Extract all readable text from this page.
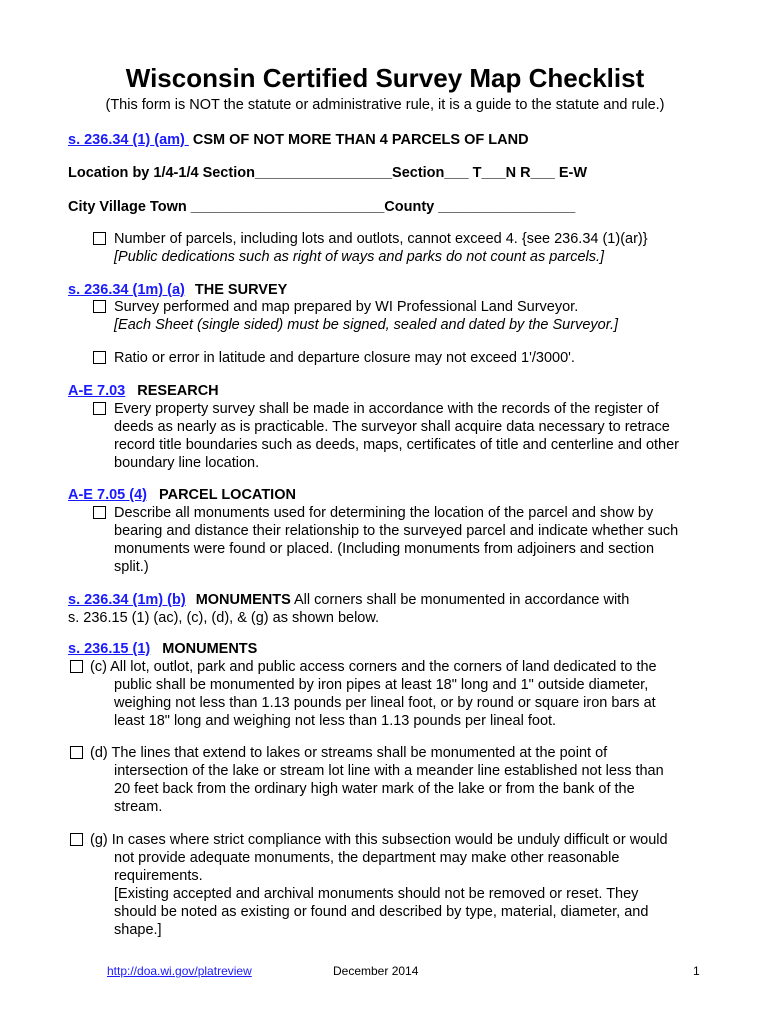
Wisconsin Certified Survey Map Checklist
(This form is NOT the statute or administrative rule, it is a guide to the statute and rule.)
s. 236.34 (1) (am) CSM OF NOT MORE THAN 4 PARCELS OF LAND
Location by 1/4-1/4 Section_________________Section___ T___N R___ E-W
City Village Town ________________________County _________________
Number of parcels, including lots and outlots, cannot exceed 4. {see 236.34 (1)(ar)}
[Public dedications such as right of ways and parks do not count as parcels.]
s. 236.34 (1m) (a) THE SURVEY
Survey performed and map prepared by WI Professional Land Surveyor.
[Each Sheet (single sided) must be signed, sealed and dated by the Surveyor.]
Ratio or error in latitude and departure closure may not exceed 1'/3000'.
A-E 7.03 RESEARCH
Every property survey shall be made in accordance with the records of the register of
deeds as nearly as is practicable. The surveyor shall acquire data necessary to retrace
record title boundaries such as deeds, maps, certificates of title and centerline and other
boundary line location.
A-E 7.05 (4) PARCEL LOCATION
Describe all monuments used for determining the location of the parcel and show by
bearing and distance their relationship to the surveyed parcel and indicate whether such
monuments were found or placed. (Including monuments from adjoiners and section
split.)
s. 236.34 (1m) (b) MONUMENTS All corners shall be monumented in accordance with
s. 236.15 (1) (ac), (c), (d), & (g) as shown below.
s. 236.15 (1) MONUMENTS
(c) All lot, outlot, park and public access corners and the corners of land dedicated to the
public shall be monumented by iron pipes at least 18" long and 1" outside diameter,
weighing not less than 1.13 pounds per lineal foot, or by round or square iron bars at
least 18" long and weighing not less than 1.13 pounds per lineal foot.
(d) The lines that extend to lakes or streams shall be monumented at the point of
intersection of the lake or stream lot line with a meander line established not less than
20 feet back from the ordinary high water mark of the lake or from the bank of the
stream.
(g) In cases where strict compliance with this subsection would be unduly difficult or would
not provide adequate monuments, the department may make other reasonable
requirements.
[Existing accepted and archival monuments should not be removed or reset. They
should be noted as existing or found and described by type, material, diameter, and
shape.]
http://doa.wi.gov/platreview	December 2014	1
